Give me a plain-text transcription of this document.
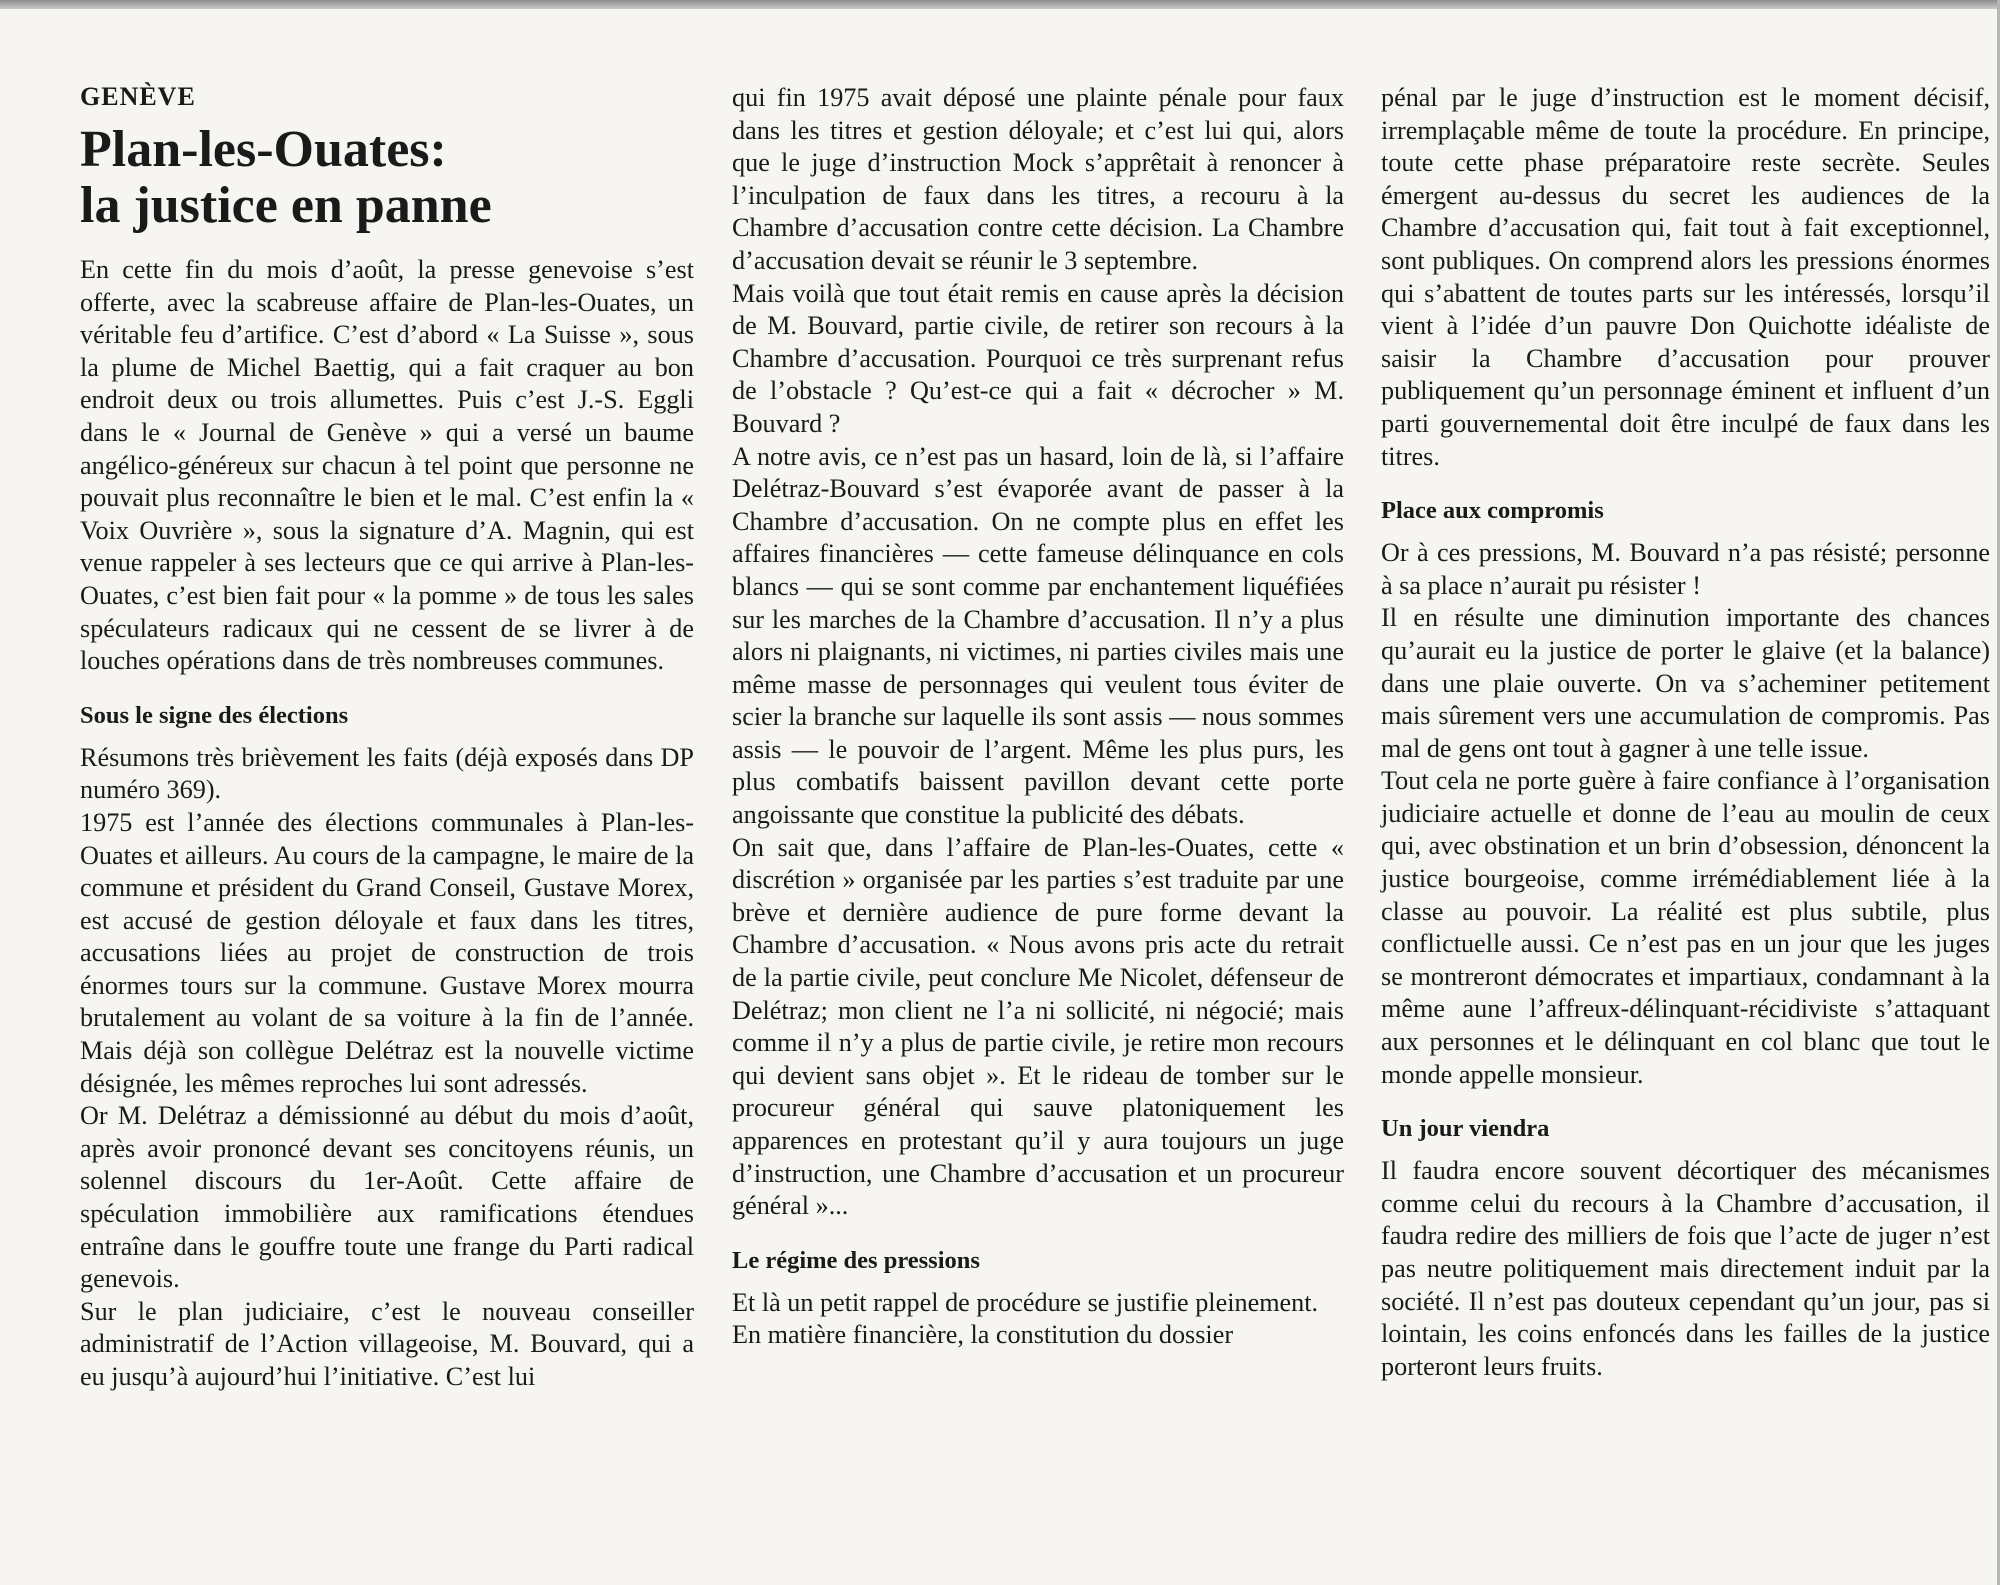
GENÈVE
Plan-les-Ouates:
la justice en panne

En cette fin du mois d’août, la presse genevoise s’est offerte, avec la scabreuse affaire de Plan-les-Ouates, un véritable feu d’artifice. C’est d’abord « La Suisse », sous la plume de Michel Baettig, qui a fait craquer au bon endroit deux ou trois allumettes. Puis c’est J.-S. Eggli dans le « Journal de Genève » qui a versé un baume angélico-généreux sur chacun à tel point que personne ne pouvait plus reconnaître le bien et le mal. C’est enfin la « Voix Ouvrière », sous la signature d’A. Magnin, qui est venue rappeler à ses lecteurs que ce qui arrive à Plan-les-Ouates, c’est bien fait pour « la pomme » de tous les sales spéculateurs radicaux qui ne cessent de se livrer à de louches opérations dans de très nombreuses communes.

Sous le signe des élections

Résumons très brièvement les faits (déjà exposés dans DP numéro 369).

1975 est l’année des élections communales à Plan-les-Ouates et ailleurs. Au cours de la campagne, le maire de la commune et président du Grand Conseil, Gustave Morex, est accusé de gestion déloyale et faux dans les titres, accusations liées au projet de construction de trois énormes tours sur la commune. Gustave Morex mourra brutalement au volant de sa voiture à la fin de l’année. Mais déjà son collègue Delétraz est la nouvelle victime désignée, les mêmes reproches lui sont adressés.

Or M. Delétraz a démissionné au début du mois d’août, après avoir prononcé devant ses concitoyens réunis, un solennel discours du 1er-Août. Cette affaire de spéculation immobilière aux ramifications étendues entraîne dans le gouffre toute une frange du Parti radical genevois.

Sur le plan judiciaire, c’est le nouveau conseiller administratif de l’Action villageoise, M. Bouvard, qui a eu jusqu’à aujourd’hui l’initiative. C’est lui

qui fin 1975 avait déposé une plainte pénale pour faux dans les titres et gestion déloyale; et c’est lui qui, alors que le juge d’instruction Mock s’apprêtait à renoncer à l’inculpation de faux dans les titres, a recouru à la Chambre d’accusation contre cette décision. La Chambre d’accusation devait se réunir le 3 septembre.

Mais voilà que tout était remis en cause après la décision de M. Bouvard, partie civile, de retirer son recours à la Chambre d’accusation. Pourquoi ce très surprenant refus de l’obstacle ? Qu’est-ce qui a fait « décrocher » M. Bouvard ?

A notre avis, ce n’est pas un hasard, loin de là, si l’affaire Delétraz-Bouvard s’est évaporée avant de passer à la Chambre d’accusation. On ne compte plus en effet les affaires financières — cette fameuse délinquance en cols blancs — qui se sont comme par enchantement liquéfiées sur les marches de la Chambre d’accusation. Il n’y a plus alors ni plaignants, ni victimes, ni parties civiles mais une même masse de personnages qui veulent tous éviter de scier la branche sur laquelle ils sont assis — nous sommes assis — le pouvoir de l’argent. Même les plus purs, les plus combatifs baissent pavillon devant cette porte angoissante que constitue la publicité des débats.

On sait que, dans l’affaire de Plan-les-Ouates, cette « discrétion » organisée par les parties s’est traduite par une brève et dernière audience de pure forme devant la Chambre d’accusation. « Nous avons pris acte du retrait de la partie civile, peut conclure Me Nicolet, défenseur de Delétraz; mon client ne l’a ni sollicité, ni négocié; mais comme il n’y a plus de partie civile, je retire mon recours qui devient sans objet ». Et le rideau de tomber sur le procureur général qui sauve platoniquement les apparences en protestant qu’il y aura toujours un juge d’instruction, une Chambre d’accusation et un procureur général »...

Le régime des pressions

Et là un petit rappel de procédure se justifie pleinement.

En matière financière, la constitution du dossier

pénal par le juge d’instruction est le moment décisif, irremplaçable même de toute la procédure. En principe, toute cette phase préparatoire reste secrète. Seules émergent au-dessus du secret les audiences de la Chambre d’accusation qui, fait tout à fait exceptionnel, sont publiques. On comprend alors les pressions énormes qui s’abattent de toutes parts sur les intéressés, lorsqu’il vient à l’idée d’un pauvre Don Quichotte idéaliste de saisir la Chambre d’accusation pour prouver publiquement qu’un personnage éminent et influent d’un parti gouvernemental doit être inculpé de faux dans les titres.

Place aux compromis

Or à ces pressions, M. Bouvard n’a pas résisté; personne à sa place n’aurait pu résister !

Il en résulte une diminution importante des chances qu’aurait eu la justice de porter le glaive (et la balance) dans une plaie ouverte. On va s’acheminer petitement mais sûrement vers une accumulation de compromis. Pas mal de gens ont tout à gagner à une telle issue.

Tout cela ne porte guère à faire confiance à l’organisation judiciaire actuelle et donne de l’eau au moulin de ceux qui, avec obstination et un brin d’obsession, dénoncent la justice bourgeoise, comme irrémédiablement liée à la classe au pouvoir. La réalité est plus subtile, plus conflictuelle aussi. Ce n’est pas en un jour que les juges se montreront démocrates et impartiaux, condamnant à la même aune l’affreux-délinquant-récidiviste s’attaquant aux personnes et le délinquant en col blanc que tout le monde appelle monsieur.

Un jour viendra

Il faudra encore souvent décortiquer des mécanismes comme celui du recours à la Chambre d’accusation, il faudra redire des milliers de fois que l’acte de juger n’est pas neutre politiquement mais directement induit par la société. Il n’est pas douteux cependant qu’un jour, pas si lointain, les coins enfoncés dans les failles de la justice porteront leurs fruits.
